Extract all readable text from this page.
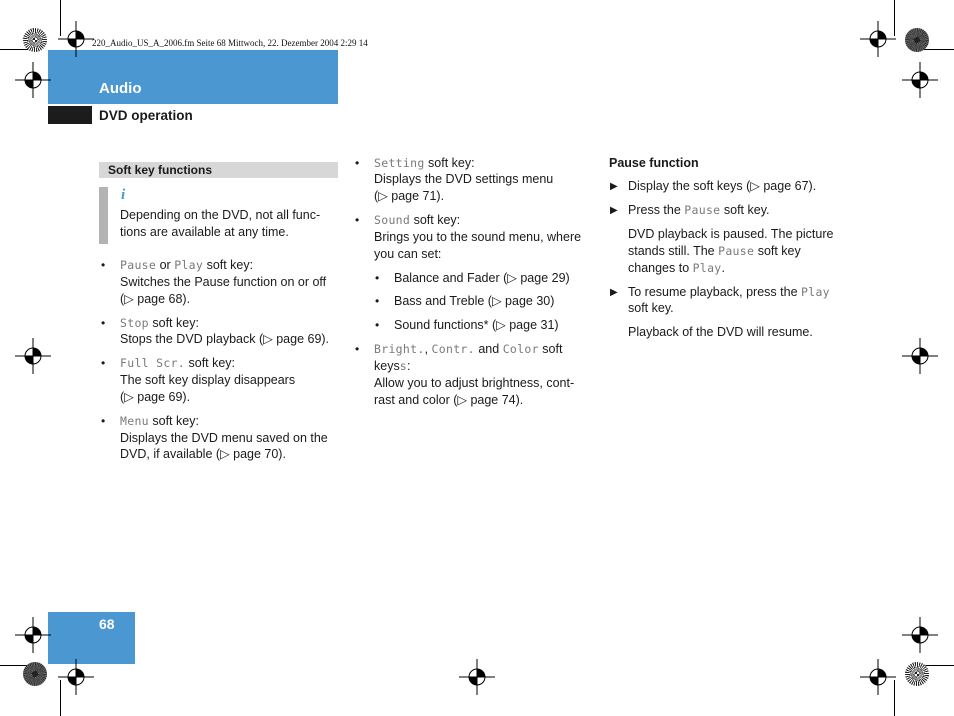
220_Audio_US_A_2006.fm Seite 68 Mittwoch, 22. Dezember 2004 2:29 14
Audio
DVD operation
Soft key functions
i
Depending on the DVD, not all func-
tions are available at any time.
• Pause or Play soft key:
Switches the Pause function on or off
(▷ page 68).
• Stop soft key:
Stops the DVD playback (▷ page 69).
• Full Scr. soft key:
The soft key display disappears
(▷ page 69).
• Menu soft key:
Displays the DVD menu saved on the
DVD, if available (▷ page 70).
• Setting soft key:
Displays the DVD settings menu
(▷ page 71).
• Sound soft key:
Brings you to the sound menu, where
you can set:
• Balance and Fader (▷ page 29)
• Bass and Treble (▷ page 30)
• Sound functions* (▷ page 31)
• Bright., Contr. and Color soft
keyss:
Allow you to adjust brightness, cont-
rast and color (▷ page 74).
Pause function
▶ Display the soft keys (▷ page 67).
▶ Press the Pause soft key.
DVD playback is paused. The picture
stands still. The Pause soft key
changes to Play.
▶ To resume playback, press the Play
soft key.
Playback of the DVD will resume.
68
